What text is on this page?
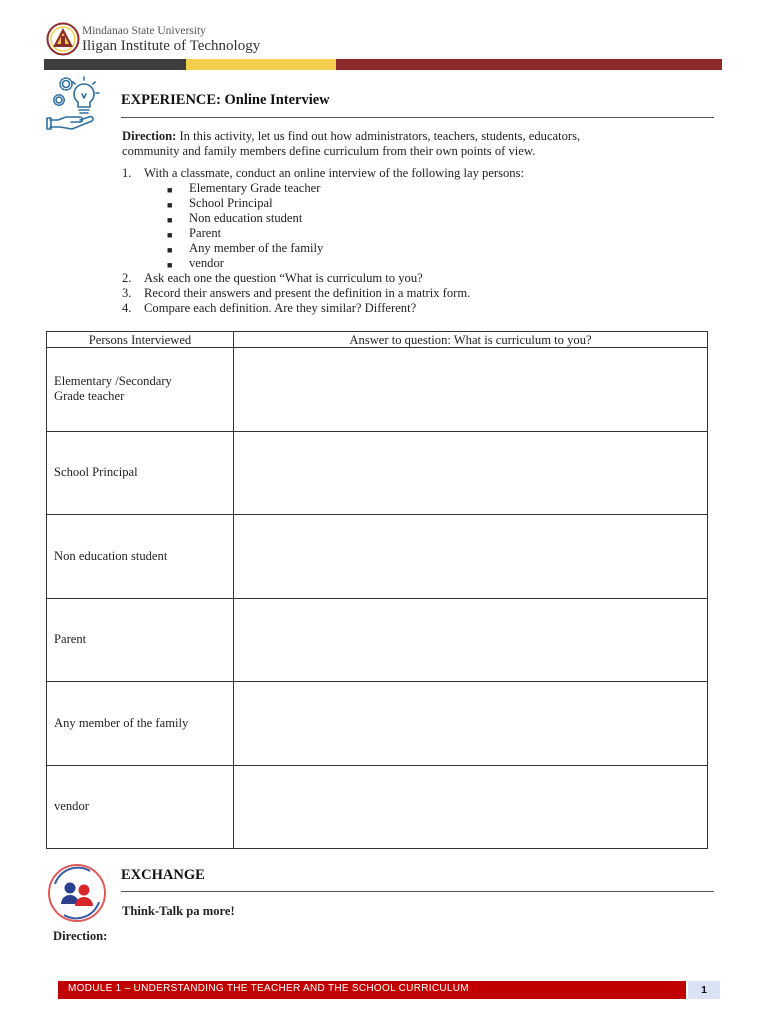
Mindanao State University
Iligan Institute of Technology
EXPERIENCE: Online Interview
Direction: In this activity, let us find out how administrators, teachers, students, educators,
community and family members define curriculum from their own points of view.
1. With a classmate, conduct an online interview of the following lay persons:
■ Elementary Grade teacher
■ School Principal
■ Non education student
■ Parent
■ Any member of the family
■ vendor
2. Ask each one the question “What is curriculum to you?
3. Record their answers and present the definition in a matrix form.
4. Compare each definition. Are they similar? Different?
Persons Interviewed	Answer to question: What is curriculum to you?
Elementary /Secondary
Grade teacher	
School Principal	
Non education student	
Parent	
Any member of the family	
vendor	
EXCHANGE
Think-Talk pa more!
Direction:
MODULE 1 – UNDERSTANDING THE TEACHER AND THE SCHOOL CURRICULUM	1
